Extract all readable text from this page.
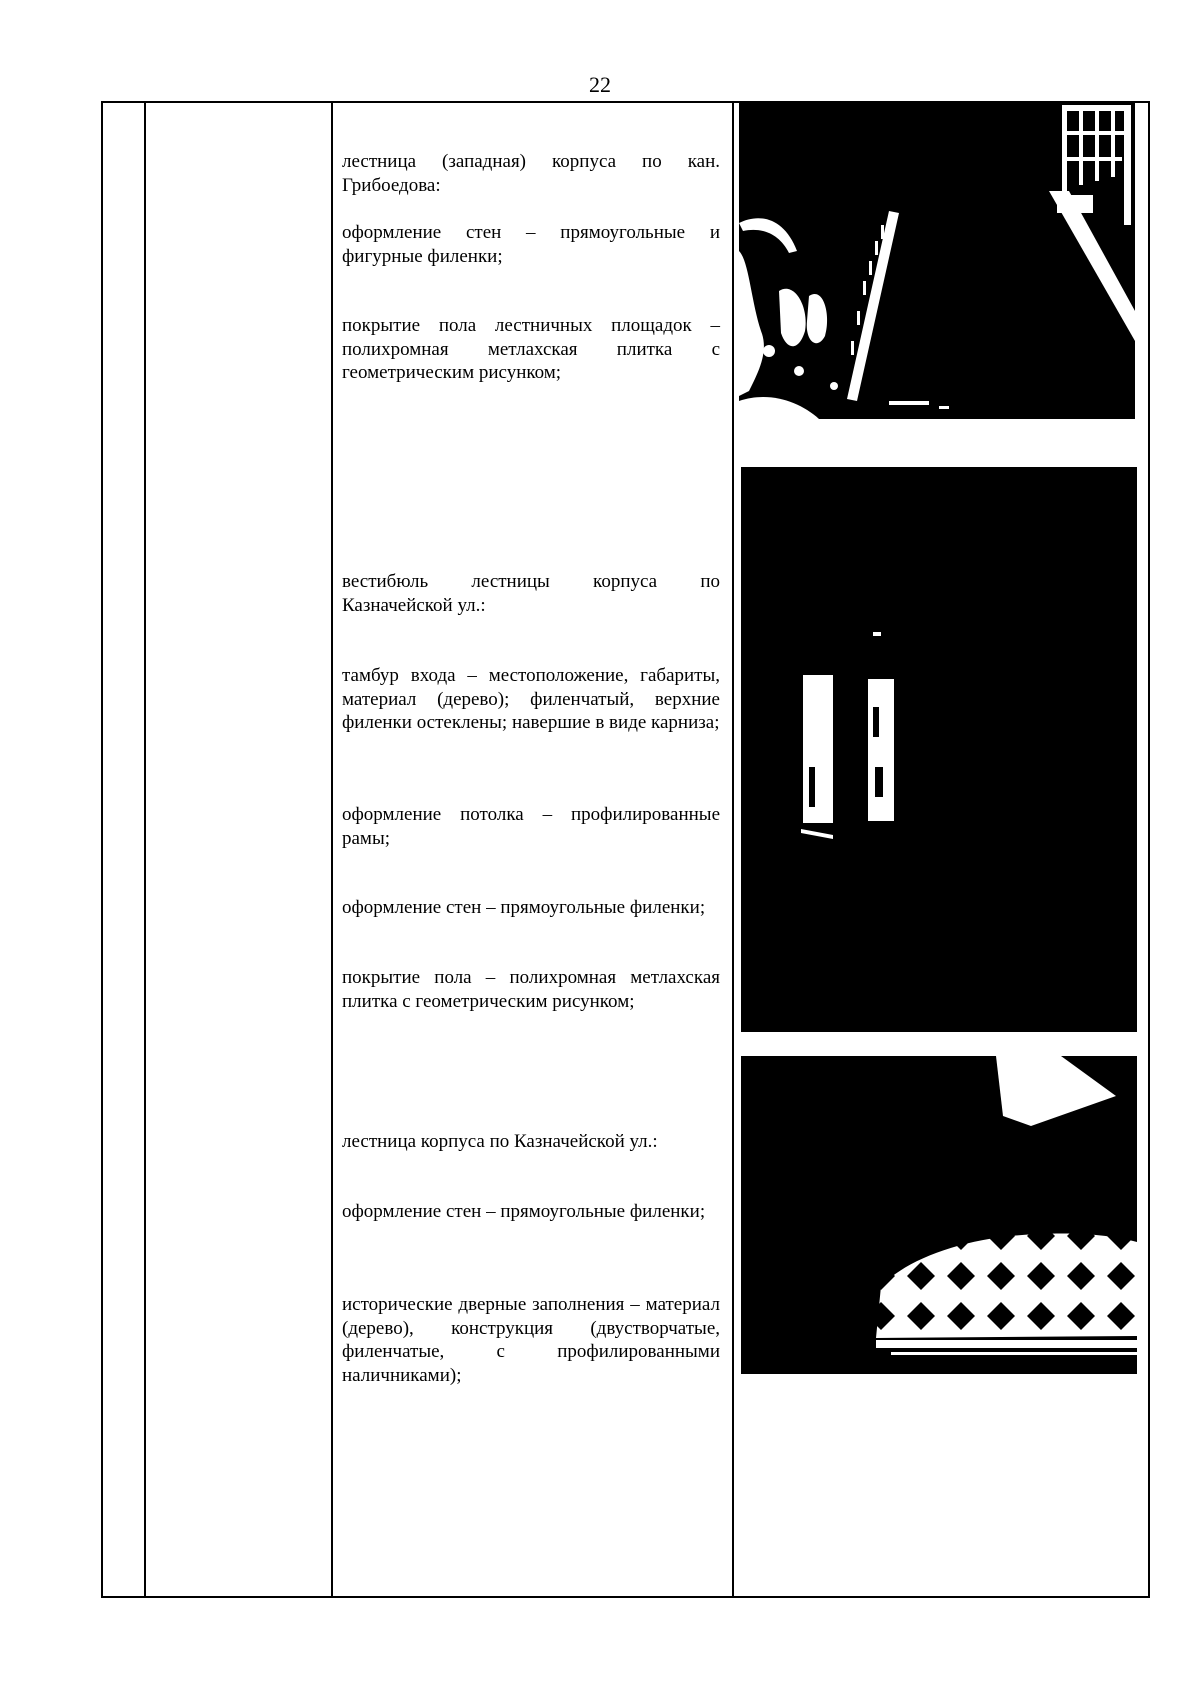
22

лестница (западная) корпуса по кан. Грибоедова:

оформление стен – прямоугольные и фигурные филенки;

покрытие пола лестничных площадок – полихромная метлахская плитка с геометрическим рисунком;

вестибюль лестницы корпуса по Казначейской ул.:

тамбур входа – местоположение, габариты, материал (дерево); филенчатый, верхние филенки остеклены; навершие в виде карниза;

оформление потолка – профилированные рамы;

оформление стен – прямоугольные филенки;

покрытие пола – полихромная метлахская плитка с геометрическим рисунком;

лестница корпуса по Казначейской ул.:

оформление стен – прямоугольные филенки;

исторические дверные заполнения – материал (дерево), конструкция (двустворчатые, филенчатые, с профилированными наличниками);
